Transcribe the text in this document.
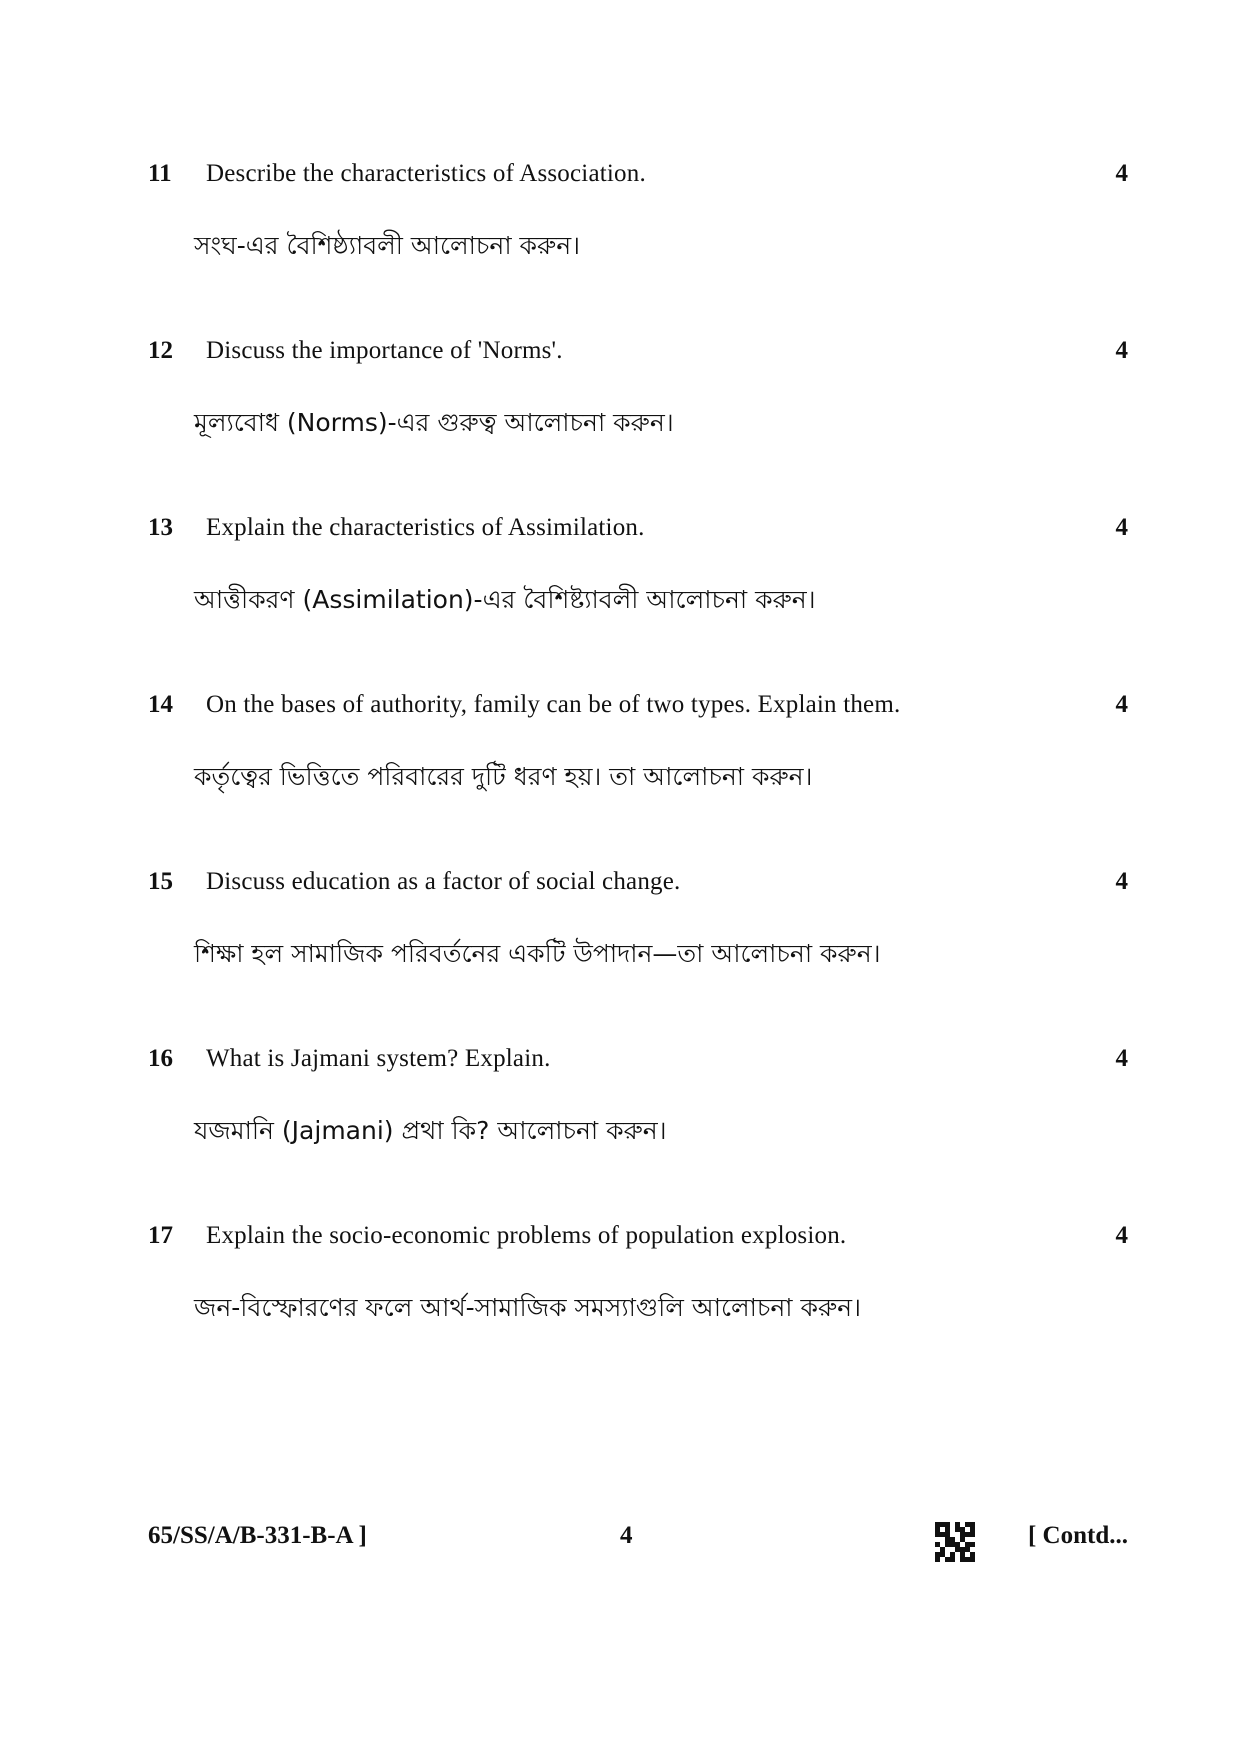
11 Describe the characteristics of Association.	4
সংঘ-এর বৈশিষ্ঠ্যাবলী আলোচনা করুন।
12 Discuss the importance of 'Norms'.	4
মূল্যবোধ (Norms)-এর গুরুত্ব আলোচনা করুন।
13 Explain the characteristics of Assimilation.	4
আত্তীকরণ (Assimilation)-এর বৈশিষ্ট্যাবলী আলোচনা করুন।
14 On the bases of authority, family can be of two types. Explain them.	4
কর্তৃত্বের ভিত্তিতে পরিবারের দুটি ধরণ হয়। তা আলোচনা করুন।
15 Discuss education as a factor of social change.	4
শিক্ষা হল সামাজিক পরিবর্তনের একটি উপাদান—তা আলোচনা করুন।
16 What is Jajmani system? Explain.	4
যজমানি (Jajmani) প্রথা কি? আলোচনা করুন।
17 Explain the socio-economic problems of population explosion.	4
জন-বিস্ফোরণের ফলে আর্থ-সামাজিক সমস্যাগুলি আলোচনা করুন।
65/SS/A/B-331-B-A ]	4	[ Contd...
